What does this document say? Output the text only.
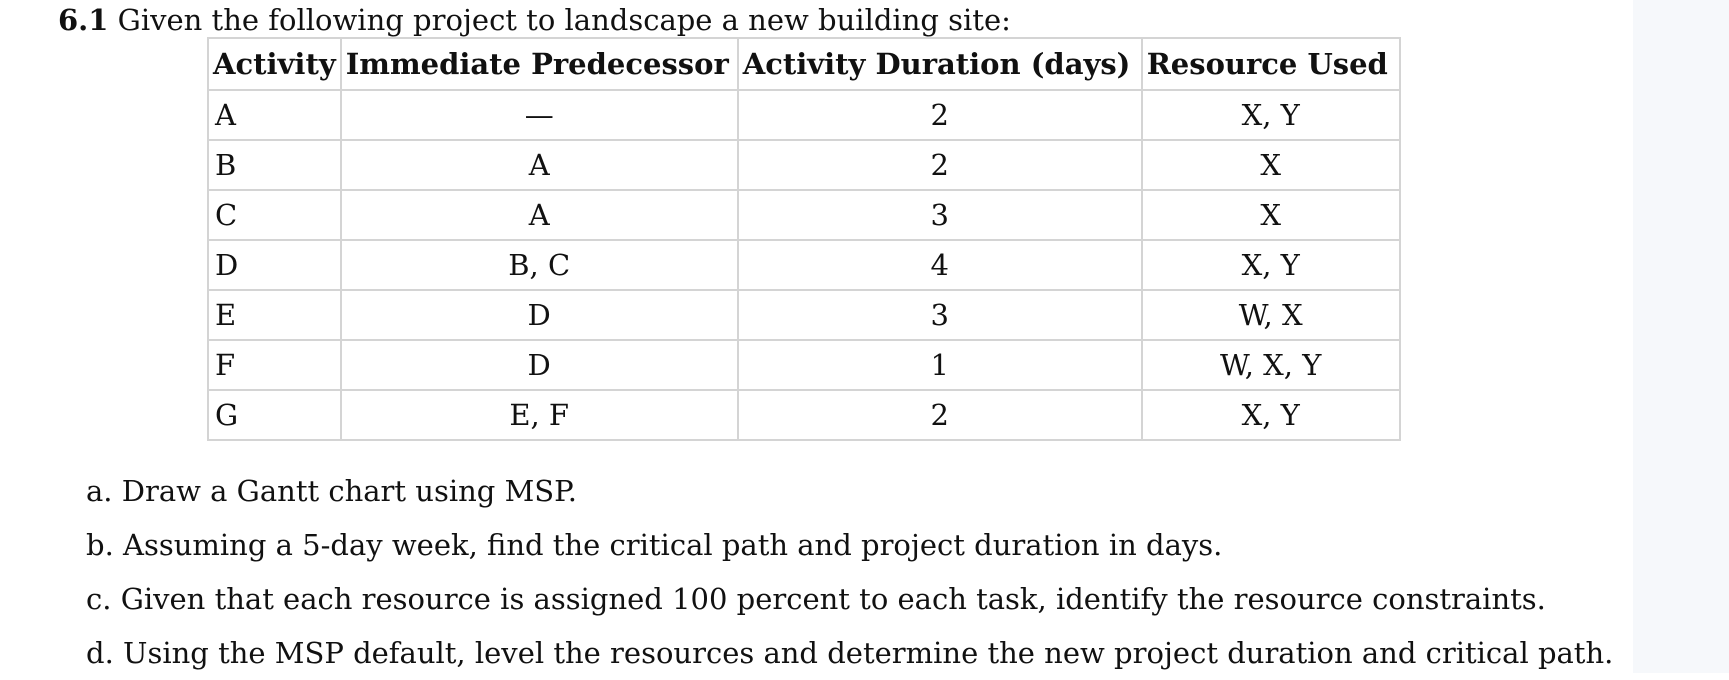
6.1 Given the following project to landscape a new building site:
Activity	Immediate Predecessor	Activity Duration (days)	Resource Used
A	—	2	X, Y
B	A	2	X
C	A	3	X
D	B, C	4	X, Y
E	D	3	W, X
F	D	1	W, X, Y
G	E, F	2	X, Y

a. Draw a Gantt chart using MSP.

b. Assuming a 5-day week, find the critical path and project duration in days.

c. Given that each resource is assigned 100 percent to each task, identify the resource constraints.

d. Using the MSP default, level the resources and determine the new project duration and critical path.
